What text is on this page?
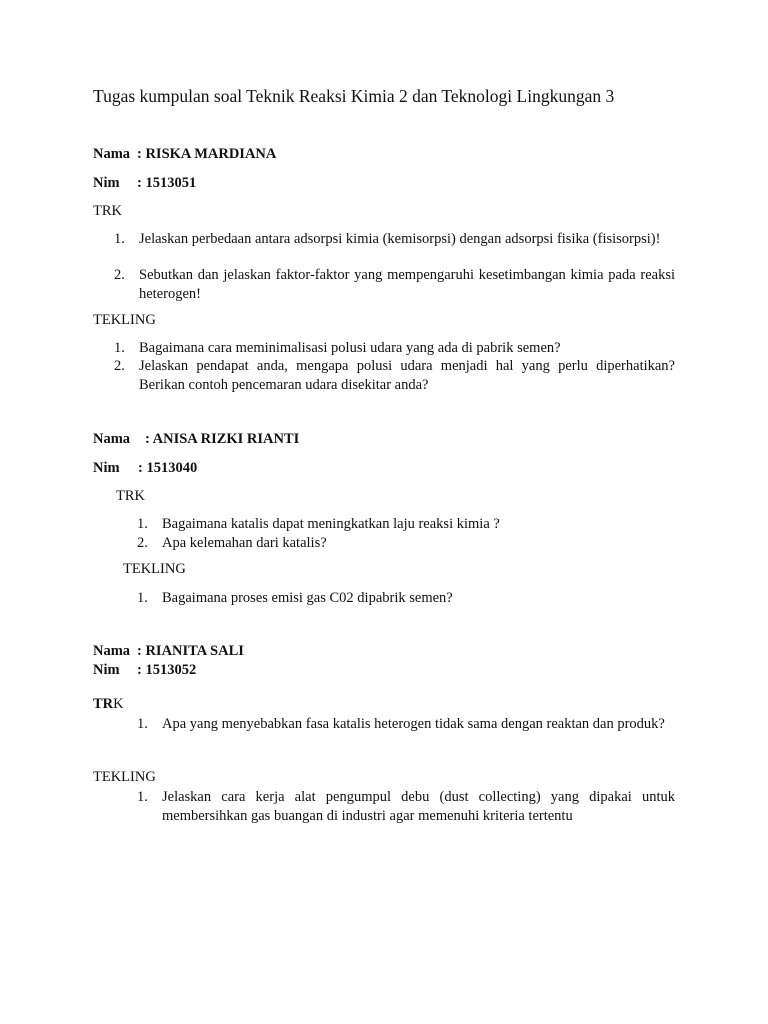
Tugas kumpulan soal Teknik Reaksi Kimia 2 dan Teknologi Lingkungan 3
Nama : RISKA MARDIANA
Nim : 1513051
TRK
1. Jelaskan perbedaan antara adsorpsi kimia (kemisorpsi) dengan adsorpsi fisika (fisisorpsi)!
2. Sebutkan dan jelaskan faktor-faktor yang mempengaruhi kesetimbangan kimia pada reaksi heterogen!
TEKLING
1. Bagaimana cara meminimalisasi polusi udara yang ada di pabrik semen?
2. Jelaskan pendapat anda, mengapa polusi udara menjadi hal yang perlu diperhatikan? Berikan contoh pencemaran udara disekitar anda?
Nama : ANISA RIZKI RIANTI
Nim : 1513040
TRK
1. Bagaimana katalis dapat meningkatkan laju reaksi kimia ?
2. Apa kelemahan dari katalis?
TEKLING
1. Bagaimana proses emisi gas C02 dipabrik semen?
Nama : RIANITA SALI
Nim : 1513052
TRK
1. Apa yang menyebabkan fasa katalis heterogen tidak sama dengan reaktan dan produk?
TEKLING
1. Jelaskan cara kerja alat pengumpul debu (dust collecting) yang dipakai untuk membersihkan gas buangan di industri agar memenuhi kriteria tertentu
